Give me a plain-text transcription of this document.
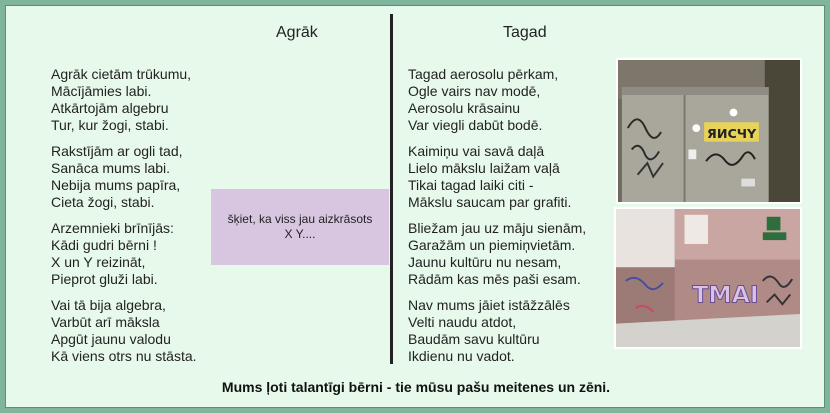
Agrāk	Tagad
Agrāk cietām trūkumu,
Mācījāmies labi.
Atkārtojām algebru
Tur, kur žogi, stabi.
Rakstījām ar ogli tad,
Sanāca mums labi.
Nebija mums papīra,
Cieta žogi, stabi.
Arzemnieki brīnījās:
Kādi gudri bērni !
X un Y reizināt,
Pieprot gluži labi.
Vai tā bija algebra,
Varbūt arī māksla
Apgūt jaunu valodu
Kā viens otrs nu stāsta.
šķiet, ka viss jau aizkrāsots
X Y....
Tagad aerosolu pērkam,
Ogle vairs nav modē,
Aerosolu krāsainu
Var viegli dabūt bodē.
Kaimiņu vai savā daļā
Lielo mākslu laižam vaļā
Tikai tagad laiki citi -
Mākslu saucam par grafiti.
Bliežam jau uz māju sienām,
Garažām un piemiņvietām.
Jaunu kultūru nu nesam,
Rādām kas mēs paši esam.
Nav mums jāiet istāžzālēs
Velti naudu atdot,
Baudām savu kultūru
Ikdienu nu vadot.
ЯИСЧY
TMAI
Mums ļoti talantīgi bērni - tie mūsu pašu meitenes un zēni.
